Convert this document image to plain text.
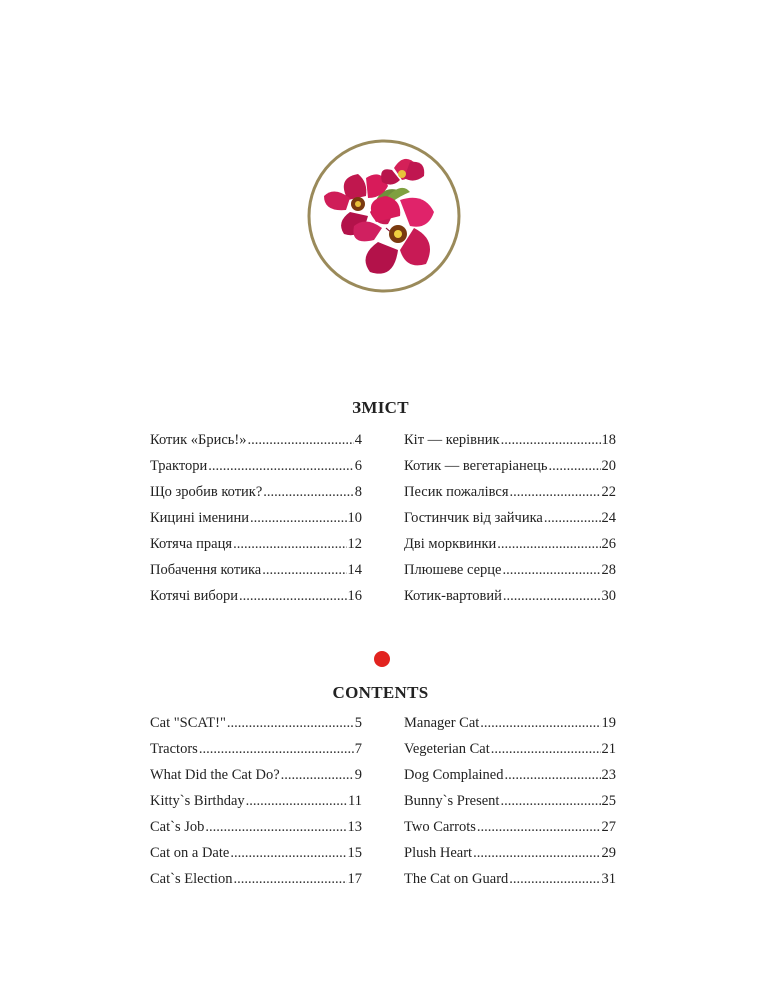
ЗМІСТ
Котик «Брись!» .....	4
Трактори .....	6
Що зробив котик? .....	8
Кицині іменини .....	10
Котяча праця .....	12
Побачення котика .....	14
Котячі вибори .....	16
Кіт — керівник .....	18
Котик — вегетаріанець .....	20
Песик пожалівся .....	22
Гостинчик від зайчика .....	24
Дві морквинки .....	26
Плюшеве серце .....	28
Котик-вартовий .....	30
CONTENTS
Cat "SCAT!" .....	5
Tractors .....	7
What Did the Cat Do? .....	9
Kitty`s Birthday .....	11
Cat`s Job .....	13
Cat on a Date .....	15
Cat`s Election .....	17
Manager Cat .....	19
Vegeterian Cat .....	21
Dog Complained .....	23
Bunny`s Present .....	25
Two Carrots .....	27
Plush Heart .....	29
The Cat on Guard .....	31
